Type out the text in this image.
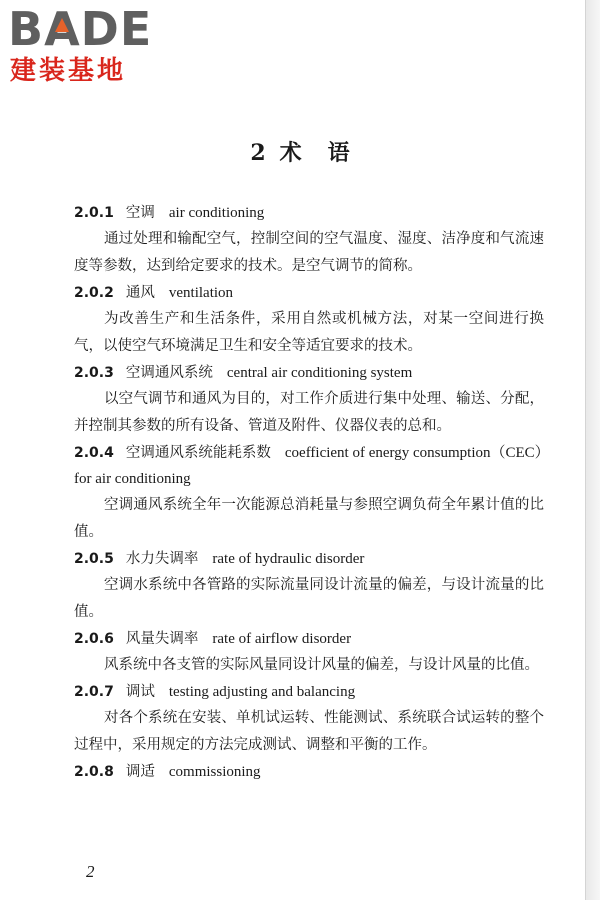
BA
DE
建装基地
2 术 语
2.0.1 空调 air conditioning

通过处理和输配空气，控制空间的空气温度、湿度、洁净度和气流速度等参数，达到给定要求的技术。是空气调节的简称。

2.0.2 通风 ventilation

为改善生产和生活条件，采用自然或机械方法，对某一空间进行换气，以使空气环境满足卫生和安全等适宜要求的技术。

2.0.3 空调通风系统 central air conditioning system

以空气调节和通风为目的，对工作介质进行集中处理、输送、分配，并控制其参数的所有设备、管道及附件、仪器仪表的总和。

2.0.4 空调通风系统能耗系数 coefficient of energy consumption（CEC）for air conditioning

空调通风系统全年一次能源总消耗量与参照空调负荷全年累计值的比值。

2.0.5 水力失调率 rate of hydraulic disorder

空调水系统中各管路的实际流量同设计流量的偏差，与设计流量的比值。

2.0.6 风量失调率 rate of airflow disorder

风系统中各支管的实际风量同设计风量的偏差，与设计风量的比值。

2.0.7 调试 testing adjusting and balancing

对各个系统在安装、单机试运转、性能测试、系统联合试运转的整个过程中，采用规定的方法完成测试、调整和平衡的工作。

2.0.8 调适 commissioning
2
